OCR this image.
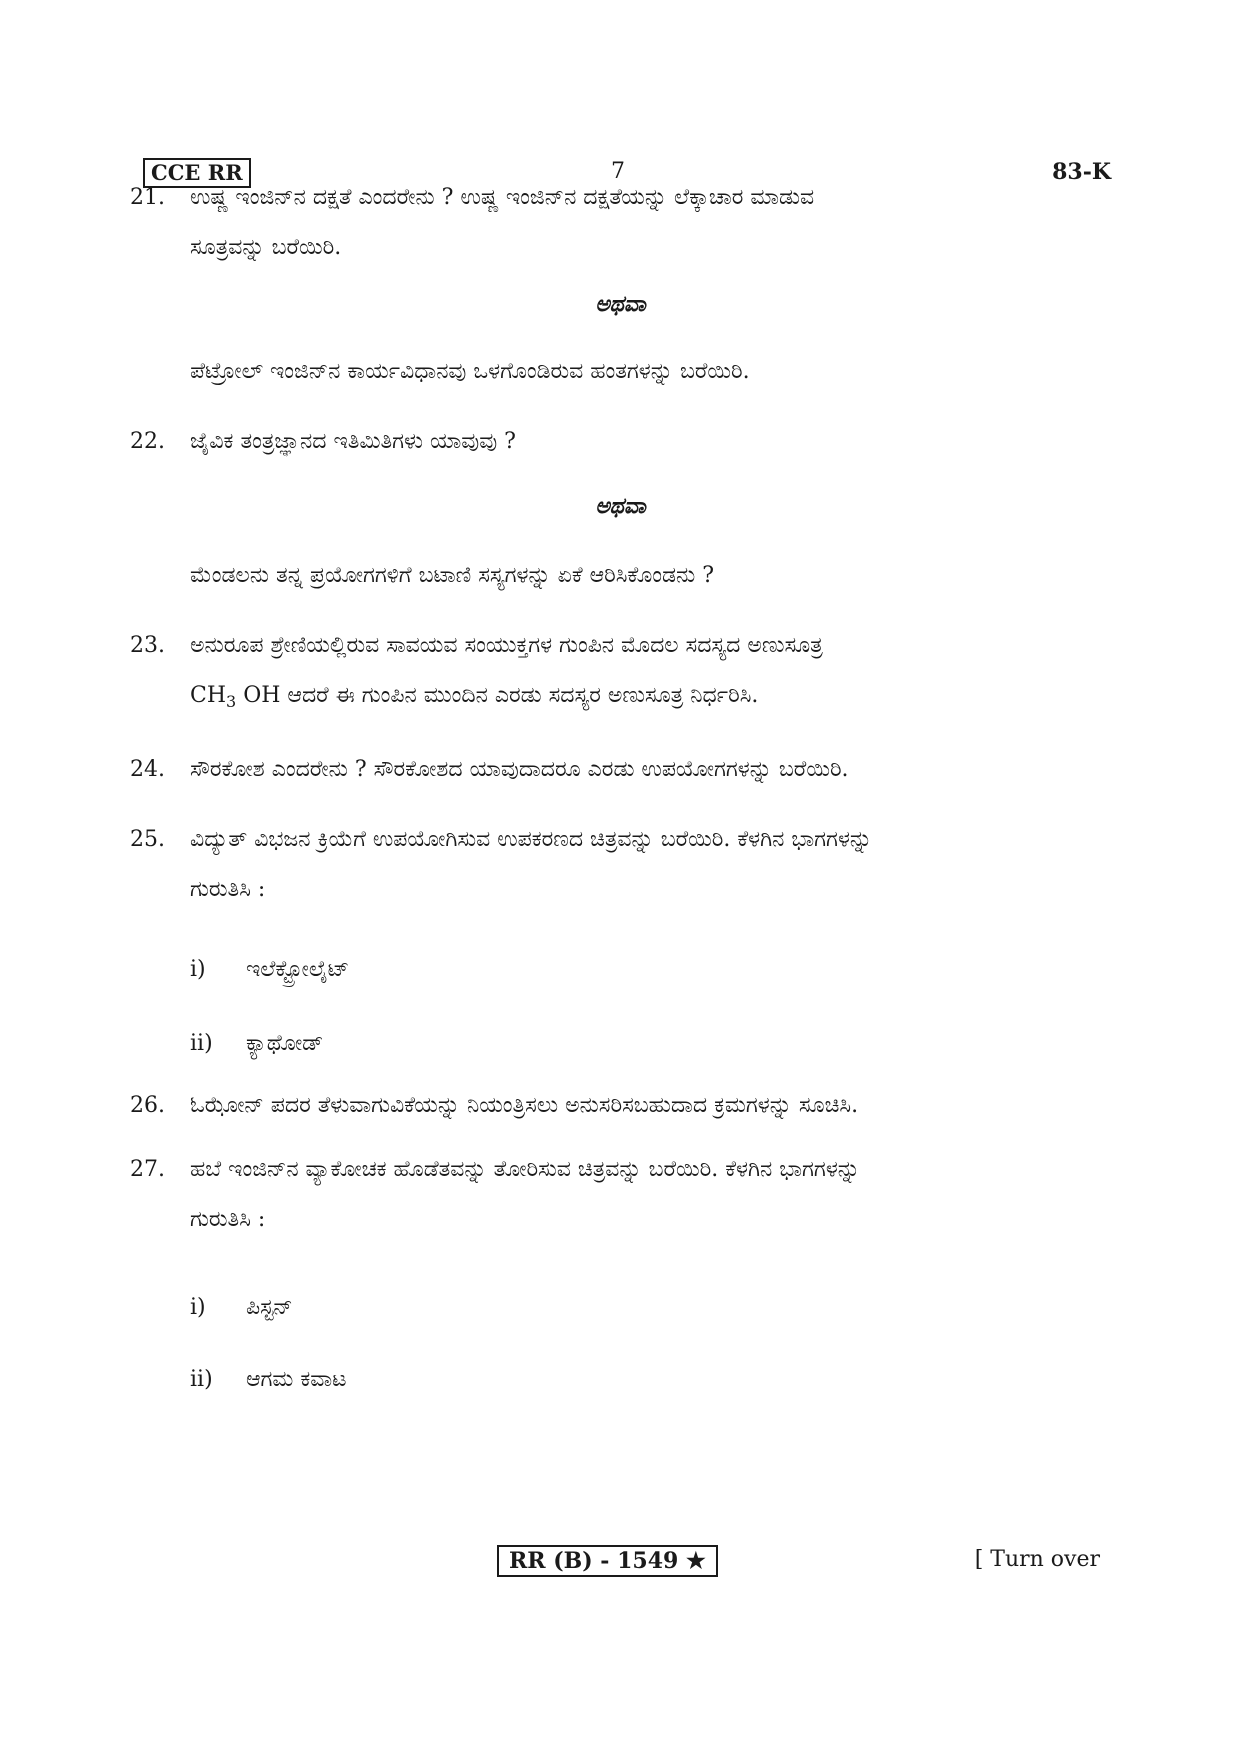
CCE RR	7	83-K
21.	ಉಷ್ಣ ಇಂಜಿನ್‌ನ ದಕ್ಷತೆ ಎಂದರೇನು ? ಉಷ್ಣ ಇಂಜಿನ್‌ನ ದಕ್ಷತೆಯನ್ನು ಲೆಕ್ಕಾಚಾರ ಮಾಡುವ
ಸೂತ್ರವನ್ನು ಬರೆಯಿರಿ.
ಅಥವಾ
ಪೆಟ್ರೋಲ್ ಇಂಜಿನ್‌ನ ಕಾರ್ಯವಿಧಾನವು ಒಳಗೊಂಡಿರುವ ಹಂತಗಳನ್ನು ಬರೆಯಿರಿ.
22.	ಜೈವಿಕ ತಂತ್ರಜ್ಞಾನದ ಇತಿಮಿತಿಗಳು ಯಾವುವು ?
ಅಥವಾ
ಮೆಂಡಲನು ತನ್ನ ಪ್ರಯೋಗಗಳಿಗೆ ಬಟಾಣಿ ಸಸ್ಯಗಳನ್ನು ಏಕೆ ಆರಿಸಿಕೊಂಡನು ?
23.	ಅನುರೂಪ ಶ್ರೇಣಿಯಲ್ಲಿರುವ ಸಾವಯವ ಸಂಯುಕ್ತಗಳ ಗುಂಪಿನ ಮೊದಲ ಸದಸ್ಯದ ಅಣುಸೂತ್ರ
$CH_3$ OH ಆದರೆ ಈ ಗುಂಪಿನ ಮುಂದಿನ ಎರಡು ಸದಸ್ಯರ ಅಣುಸೂತ್ರ ನಿರ್ಧರಿಸಿ.
24.	ಸೌರಕೋಶ ಎಂದರೇನು ? ಸೌರಕೋಶದ ಯಾವುದಾದರೂ ಎರಡು ಉಪಯೋಗಗಳನ್ನು ಬರೆಯಿರಿ.
25.	ವಿದ್ಯುತ್ ವಿಭಜನ ಕ್ರಿಯೆಗೆ ಉಪಯೋಗಿಸುವ ಉಪಕರಣದ ಚಿತ್ರವನ್ನು ಬರೆಯಿರಿ. ಕೆಳಗಿನ ಭಾಗಗಳನ್ನು
ಗುರುತಿಸಿ :
i) ಇಲೆಕ್ಟ್ರೋಲೈಟ್
ii) ಕ್ಯಾಥೋಡ್
26.	ಓಝೋನ್ ಪದರ ತೆಳುವಾಗುವಿಕೆಯನ್ನು ನಿಯಂತ್ರಿಸಲು ಅನುಸರಿಸಬಹುದಾದ ಕ್ರಮಗಳನ್ನು ಸೂಚಿಸಿ.
27.	ಹಬೆ ಇಂಜಿನ್‌ನ ವ್ಯಾಕೋಚಕ ಹೊಡೆತವನ್ನು ತೋರಿಸುವ ಚಿತ್ರವನ್ನು ಬರೆಯಿರಿ. ಕೆಳಗಿನ ಭಾಗಗಳನ್ನು
ಗುರುತಿಸಿ :
i) ಪಿಸ್ಟನ್
ii) ಆಗಮ ಕವಾಟ
RR (B) - 1549 ★	[ Turn over
